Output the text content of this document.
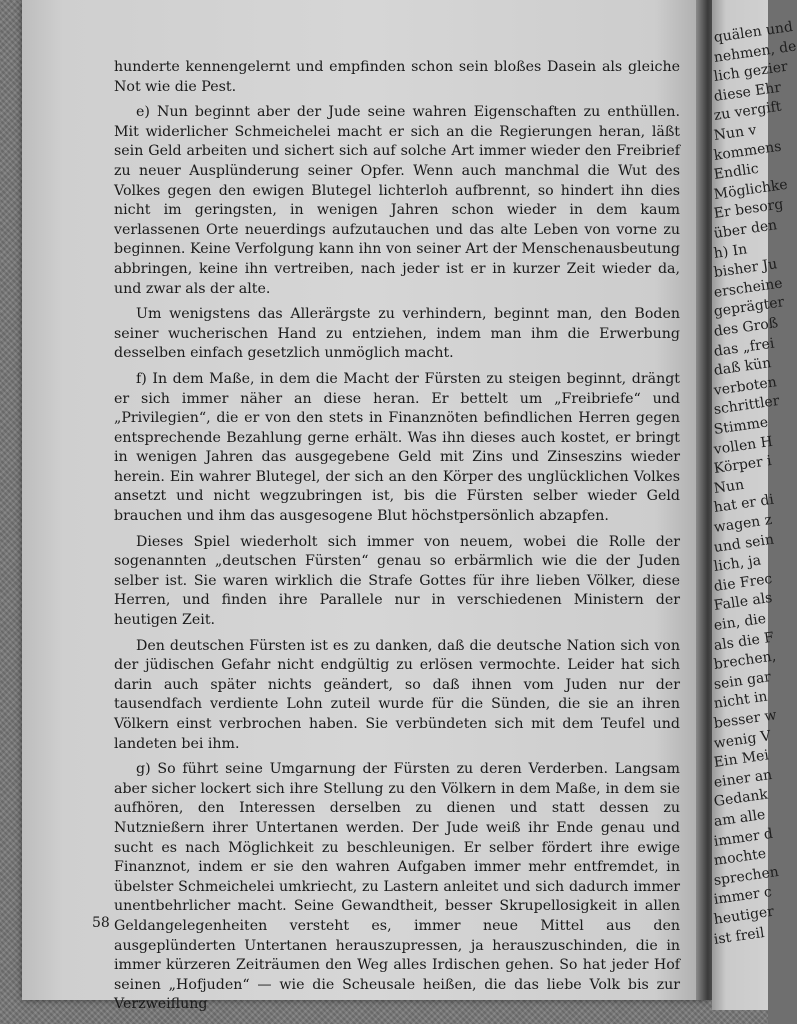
hunderte kennengelernt und empfinden schon sein bloßes Dasein als gleiche Not wie die Pest.

e) Nun beginnt aber der Jude seine wahren Eigenschaften zu enthüllen. Mit widerlicher Schmeichelei macht er sich an die Regierungen heran, läßt sein Geld arbeiten und sichert sich auf solche Art immer wieder den Freibrief zu neuer Ausplünderung seiner Opfer. Wenn auch manchmal die Wut des Volkes gegen den ewigen Blutegel lichterloh aufbrennt, so hindert ihn dies nicht im geringsten, in wenigen Jahren schon wieder in dem kaum verlassenen Orte neuerdings aufzutauchen und das alte Leben von vorne zu beginnen. Keine Verfolgung kann ihn von seiner Art der Menschenausbeutung abbringen, keine ihn vertreiben, nach jeder ist er in kurzer Zeit wieder da, und zwar als der alte.

Um wenigstens das Allerärgste zu verhindern, beginnt man, den Boden seiner wucherischen Hand zu entziehen, indem man ihm die Erwerbung desselben einfach gesetzlich unmöglich macht.

f) In dem Maße, in dem die Macht der Fürsten zu steigen beginnt, drängt er sich immer näher an diese heran. Er bettelt um „Freibriefe“ und „Privilegien“, die er von den stets in Finanznöten befindlichen Herren gegen entsprechende Bezahlung gerne erhält. Was ihn dieses auch kostet, er bringt in wenigen Jahren das ausgegebene Geld mit Zins und Zinseszins wieder herein. Ein wahrer Blutegel, der sich an den Körper des unglücklichen Volkes ansetzt und nicht wegzubringen ist, bis die Fürsten selber wieder Geld brauchen und ihm das ausgesogene Blut höchstpersönlich abzapfen.

Dieses Spiel wiederholt sich immer von neuem, wobei die Rolle der sogenannten „deutschen Fürsten“ genau so erbärmlich wie die der Juden selber ist. Sie waren wirklich die Strafe Gottes für ihre lieben Völker, diese Herren, und finden ihre Parallele nur in verschiedenen Ministern der heutigen Zeit.

Den deutschen Fürsten ist es zu danken, daß die deutsche Nation sich von der jüdischen Gefahr nicht endgültig zu erlösen vermochte. Leider hat sich darin auch später nichts geändert, so daß ihnen vom Juden nur der tausendfach verdiente Lohn zuteil wurde für die Sünden, die sie an ihren Völkern einst verbrochen haben. Sie verbündeten sich mit dem Teufel und landeten bei ihm.

g) So führt seine Umgarnung der Fürsten zu deren Verderben. Langsam aber sicher lockert sich ihre Stellung zu den Völkern in dem Maße, in dem sie aufhören, den Interessen derselben zu dienen und statt dessen zu Nutznießern ihrer Untertanen werden. Der Jude weiß ihr Ende genau und sucht es nach Möglichkeit zu beschleunigen. Er selber fördert ihre ewige Finanznot, indem er sie den wahren Aufgaben immer mehr entfremdet, in übelster Schmeichelei umkriecht, zu Lastern anleitet und sich dadurch immer unentbehrlicher macht. Seine Gewandtheit, besser Skrupellosigkeit in allen Geldangelegenheiten versteht es, immer neue Mittel aus den ausgeplünderten Untertanen herauszupressen, ja herauszuschinden, die in immer kürzeren Zeiträumen den Weg alles Irdischen gehen. So hat jeder Hof seinen „Hofjuden“ — wie die Scheusale heißen, die das liebe Volk bis zur Verzweiflung

58
quälen und
nehmen, de
lich gezier
diese Ehr
zu vergift
Nun v
kommens
Endlic
Möglichke
Er besorg
über den
h) In
bisher Ju
erscheine
geprägter
des Groß
das „frei
daß kün
verboten
schrittler
Stimme
vollen H
Körper i
Nun
hat er di
wagen z
und sein
lich, ja
die Frec
Falle als
ein, die
als die F
brechen,
sein gar
nicht in
besser w
wenig V
Ein Mei
einer an
Gedank
am alle
immer d
mochte
sprechen
immer c
heutiger
ist freil
